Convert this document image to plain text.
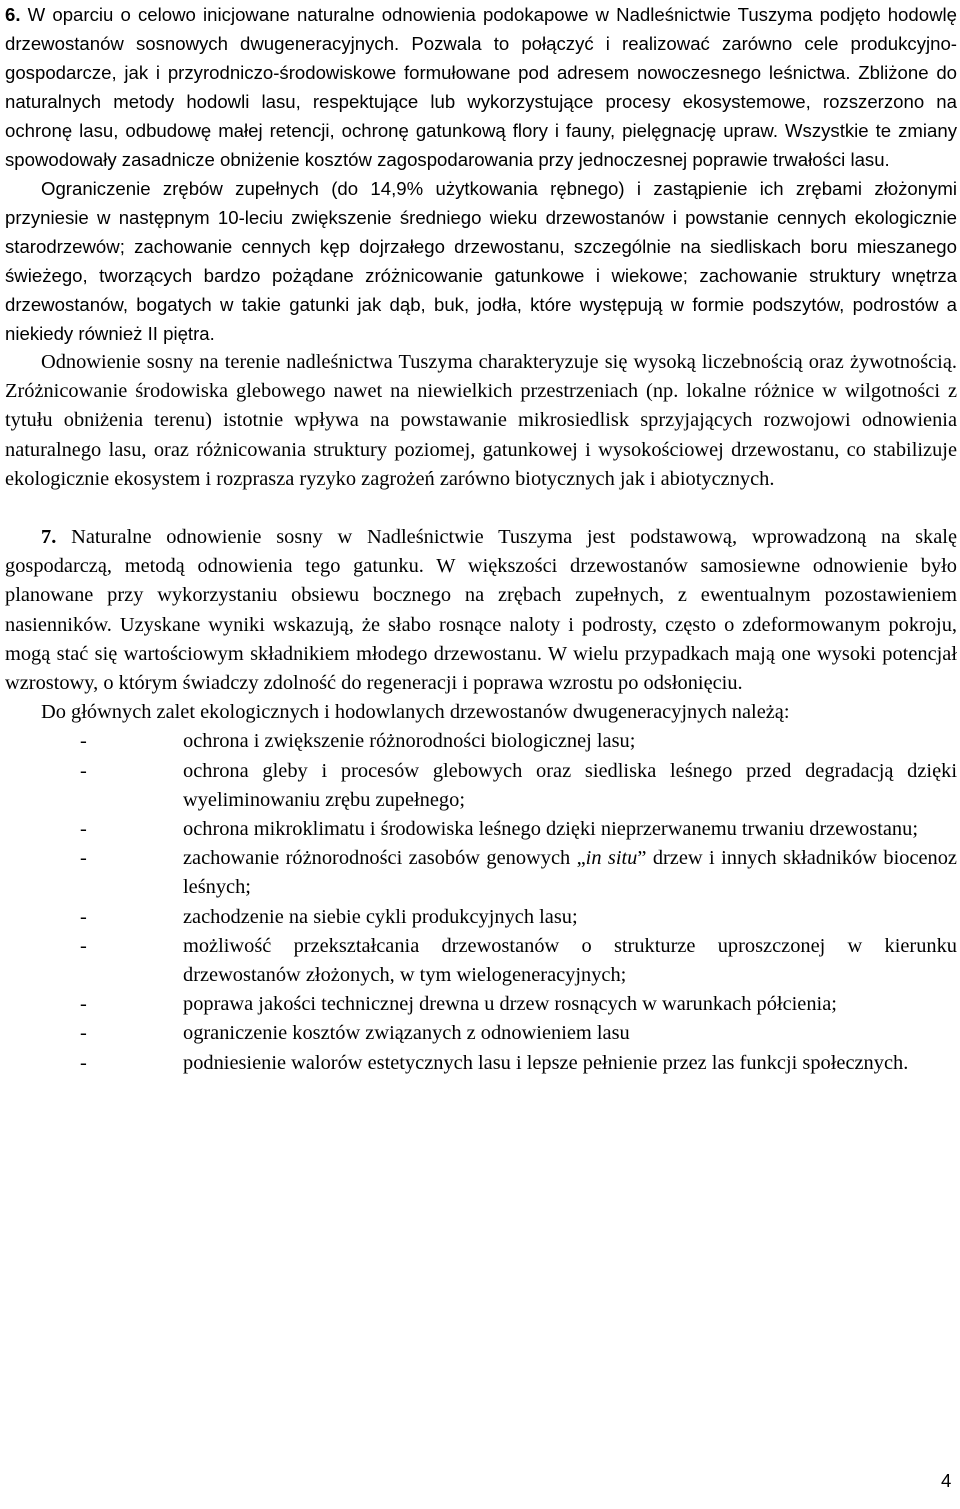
6. W oparciu o celowo inicjowane naturalne odnowienia podokapowe w Nadleśnictwie Tuszyma podjęto hodowlę drzewostanów sosnowych dwugeneracyjnych. Pozwala to połączyć i realizować zarówno cele produkcyjno-gospodarcze, jak i przyrodniczo-środowiskowe formułowane pod adresem nowoczesnego leśnictwa. Zbliżone do naturalnych metody hodowli lasu, respektujące lub wykorzystujące procesy ekosystemowe, rozszerzono na ochronę lasu, odbudowę małej retencji, ochronę gatunkową flory i fauny, pielęgnację upraw. Wszystkie te zmiany spowodowały zasadnicze obniżenie kosztów zagospodarowania przy jednoczesnej poprawie trwałości lasu.

Ograniczenie zrębów zupełnych (do 14,9% użytkowania rębnego) i zastąpienie ich zrębami złożonymi przyniesie w następnym 10-leciu zwiększenie średniego wieku drzewostanów i powstanie cennych ekologicznie starodrzewów; zachowanie cennych kęp dojrzałego drzewostanu, szczególnie na siedliskach boru mieszanego świeżego, tworzących bardzo pożądane zróżnicowanie gatunkowe i wiekowe; zachowanie struktury wnętrza drzewostanów, bogatych w takie gatunki jak dąb, buk, jodła, które występują w formie podszytów, podrostów a niekiedy również II piętra.

Odnowienie sosny na terenie nadleśnictwa Tuszyma charakteryzuje się wysoką liczebnością oraz żywotnością. Zróżnicowanie środowiska glebowego nawet na niewielkich przestrzeniach (np. lokalne różnice w wilgotności z tytułu obniżenia terenu) istotnie wpływa na powstawanie mikrosiedlisk sprzyjających rozwojowi odnowienia naturalnego lasu, oraz różnicowania struktury poziomej, gatunkowej i wysokościowej drzewostanu, co stabilizuje ekologicznie ekosystem i rozprasza ryzyko zagrożeń zarówno biotycznych jak i abiotycznych.

7. Naturalne odnowienie sosny w Nadleśnictwie Tuszyma jest podstawową, wprowadzoną na skalę gospodarczą, metodą odnowienia tego gatunku. W większości drzewostanów samosiewne odnowienie było planowane przy wykorzystaniu obsiewu bocznego na zrębach zupełnych, z ewentualnym pozostawieniem nasienników. Uzyskane wyniki wskazują, że słabo rosnące naloty i podrosty, często o zdeformowanym pokroju, mogą stać się wartościowym składnikiem młodego drzewostanu. W wielu przypadkach mają one wysoki potencjał wzrostowy, o którym świadczy zdolność do regeneracji i poprawa wzrostu po odsłonięciu.

Do głównych zalet ekologicznych i hodowlanych drzewostanów dwugeneracyjnych należą:

-	ochrona i zwiększenie różnorodności biologicznej lasu;
-	ochrona gleby i procesów glebowych oraz siedliska leśnego przed degradacją dzięki wyeliminowaniu zrębu zupełnego;
-	ochrona mikroklimatu i środowiska leśnego dzięki nieprzerwanemu trwaniu drzewostanu;
-	zachowanie różnorodności zasobów genowych „in situ” drzew i innych składników biocenoz leśnych;
-	zachodzenie na siebie cykli produkcyjnych lasu;
-	możliwość przekształcania drzewostanów o strukturze uproszczonej w kierunku drzewostanów złożonych, w tym wielogeneracyjnych;
-	poprawa jakości technicznej drewna u drzew rosnących w warunkach półcienia;
-	ograniczenie kosztów związanych z odnowieniem lasu
-	podniesienie walorów estetycznych lasu i lepsze pełnienie przez las funkcji społecznych.
4
